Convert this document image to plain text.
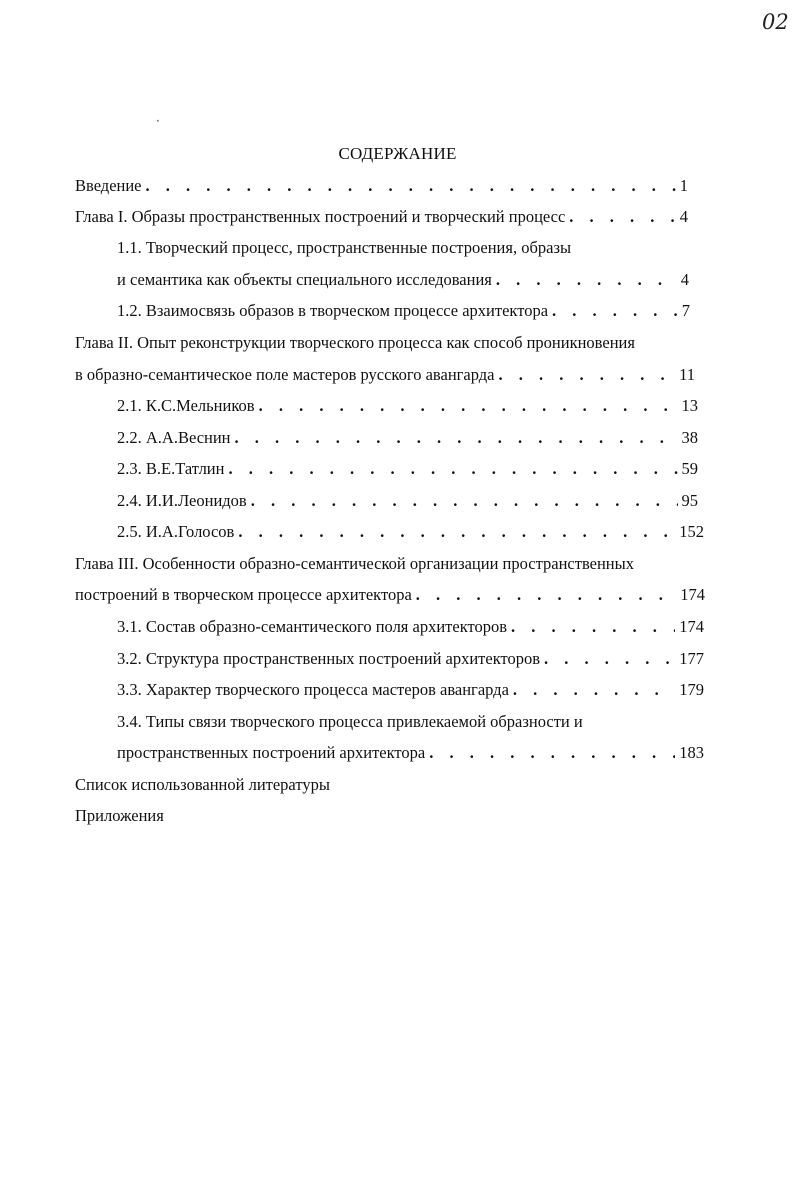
02
⸼
СОДЕРЖАНИЕ
Введение . . .	1
Глава I. Образы пространственных построений и творческий процесс . . .	4
1.1. Творческий процесс, пространственные построения, образы
и семантика как объекты специального исследования . . .	4
1.2. Взаимосвязь образов в творческом процессе архитектора . . .	7
Глава II. Опыт реконструкции творческого процесса как способ проникновения
в образно-семантическое поле мастеров русского авангарда . . .	11
2.1. К.С.Мельников . . .	13
2.2. А.А.Веснин . . .	38
2.3. В.Е.Татлин . . .	59
2.4. И.И.Леонидов . . .	95
2.5. И.А.Голосов . . .	152
Глава III. Особенности образно-семантической организации пространственных
построений в творческом процессе архитектора . . .	174
3.1. Состав образно-семантического поля архитекторов . . .	174
3.2. Структура пространственных построений архитекторов . . .	177
3.3. Характер творческого процесса мастеров авангарда . . .	179
3.4. Типы связи творческого процесса привлекаемой образности и
пространственных построений архитектора . . .	183
Список использованной литературы
Приложения
